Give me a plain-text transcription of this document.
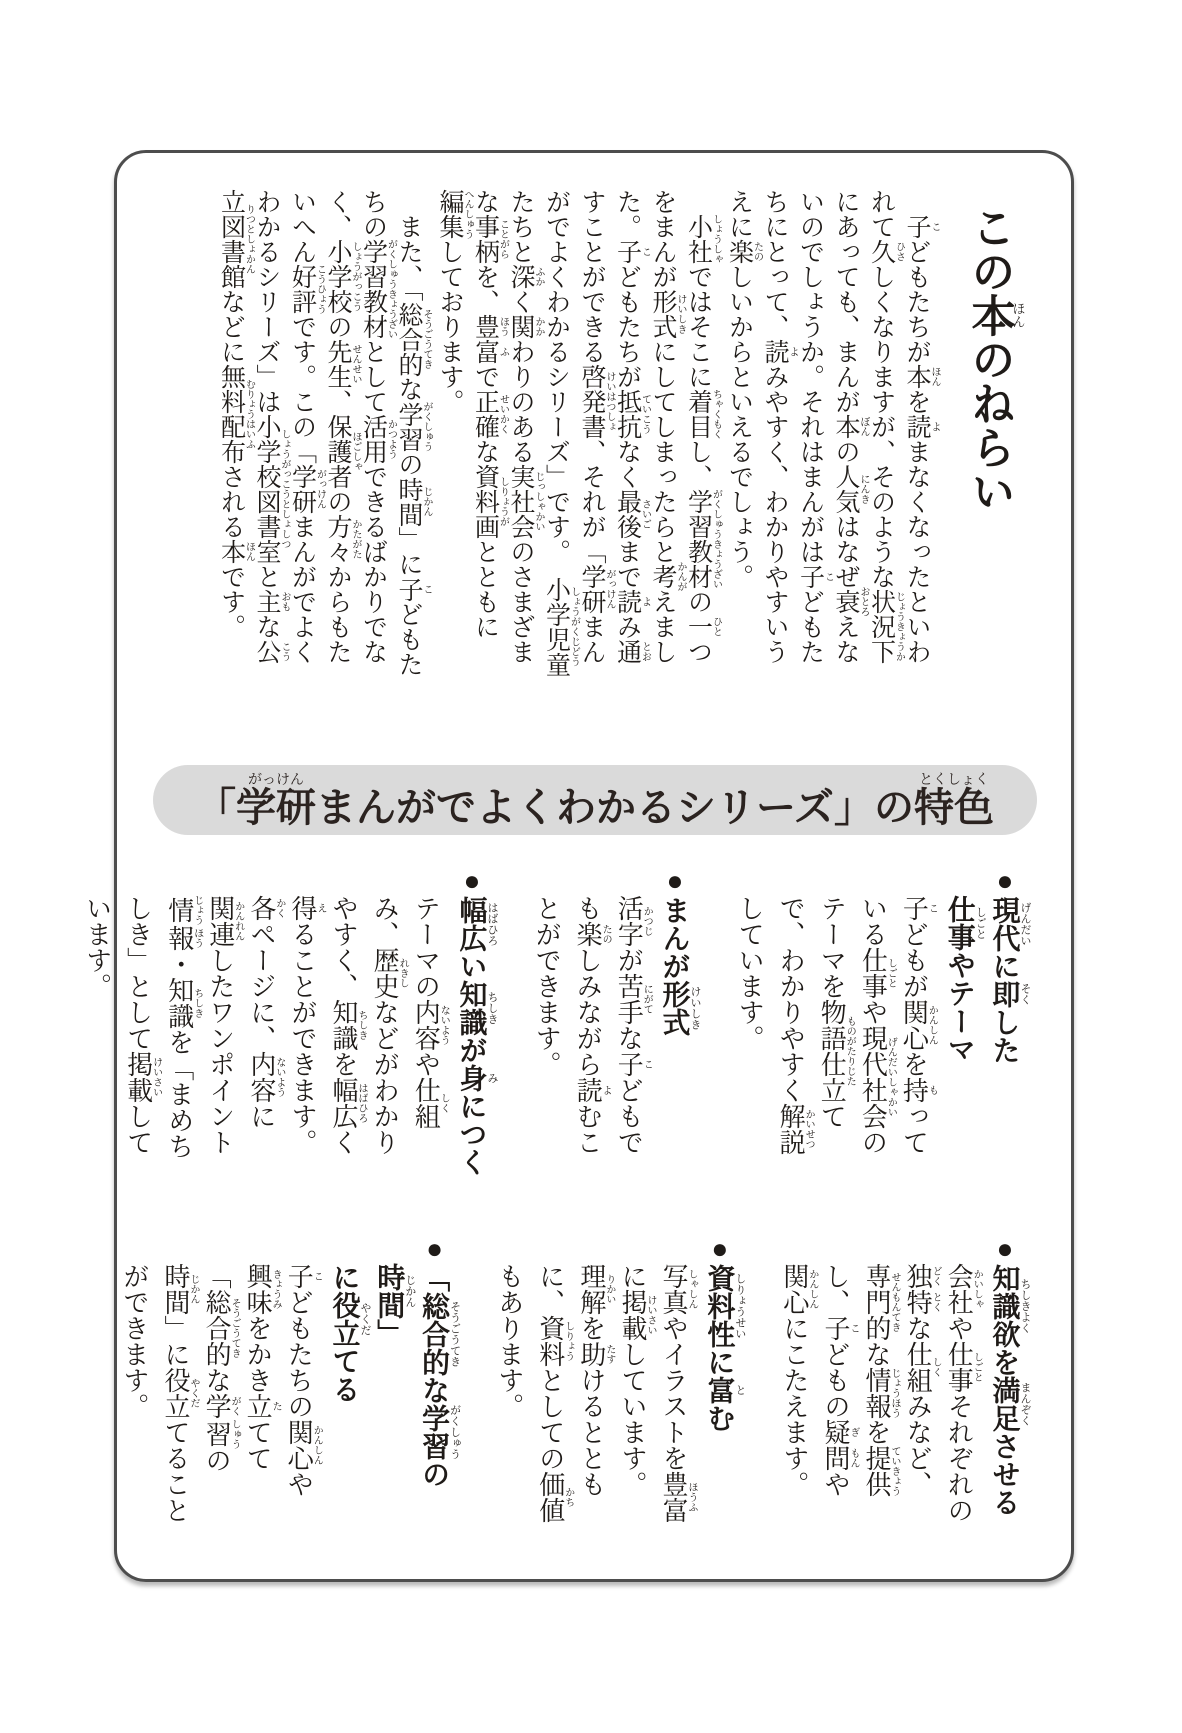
この本ほんのねらい

　子 こどもたちが本 ほんを読 よまなくなったといわれて久 ひさしくなりますが、そのような状況下 じょうきょうかにあっても、まんが本 ぼんの人気 にんきはなぜ衰 おとろえないのでしょうか。それはまんがは子 こどもたちにとって、読 よみやすく、わかりやすいうえに楽 たのしいからといえるでしょう。

　小社 しょうしゃではそこに着目 ちゃくもくし、学習教材 がくしゅうきょうざいの一 ひとつをまんが形式 けいしきにしてしまったらと考 かんがえました。子 こどもたちが抵抗 ていこうなく最後 さいごまで読 よみ通 とおすことができる啓発書 けいはつしょ、それが「学研 がっけんまんがでよくわかるシリーズ」です。　小学児童 しょうがくじどうたちと深 ふかく関 かかわりのある実社会 じっしゃかいのさまざまな事柄 ことがらを、豊 ほう富 ふで正確 せいかくな資料画 しりょうがとともに編集 へんしゅうしております。

　また、「総合的 そうごうてきな学習 がくしゅうの時間 じかん」に子 こどもたちの学習教材 がくしゅうきょうざいとして活用 かつようできるばかりでなく、小学校 しょうがっこうの先生 せんせい、保護者 ほごしゃの方々 かたがたからもたいへん好評 こうひょうです。この「学研 がっけんまんがでよくわかるシリーズ」は小学校図書室 しょうがっこうとしょしつと主 おもな公立図書館こうりつとしょかんなどに無料配布 むりょうはいふされる本 ほんです。

「学研がっけんまんがでよくわかるシリーズ」の特色とくしょく
●現代げんだいに即そくした
仕事しごとやテーマ

子こどもが関心かんしんを持もっている仕事しごとや現代社会げんだいしゃかいのテーマを物語仕立ものがたりじたてで、わかりやすく解説かいせつしています。

●まんが形式けいしき

活字かつじが苦手にがてな子こどもでも楽たのしみながら読よむことができます。

●幅広はばひろい知識ちしきが身みにつく

テーマの内容ないようや仕組しくみ、歴史れきしなどがわかりやすく、知識ちしきを幅広はばひろく得えることができます。各かくページに、内容ないように関連かんれんしたワンポイント情じょう報ほう・知識ちしきを「まめちしき」として掲載けいさいしています。

●知識欲ちしきよくを満足まんぞくさせる

会社かいしゃや仕事しごとそれぞれの独どく特とくな仕組しくみなど、専門的せんもんてきな情報じょうほうを提供ていきょうし、子こどもの疑ぎ問もんや関心かんしんにこたえます。

●資料性しりょうせいに富とむ

写真しゃしんやイラストを豊富ほうふに掲載けいさいしています。理解りかいを助たすけるとともに、資料しりょうとしての価値かちもあります。

●「総合的そうごうてきな学習がくしゅうの時間じかん」
に役立やくだてる

子こどもたちの関心かんしんや興味きょうみをかき立たてて「総合的そうごうてきな学がく習しゅうの時間じかん」に役立やくだてることができます。
